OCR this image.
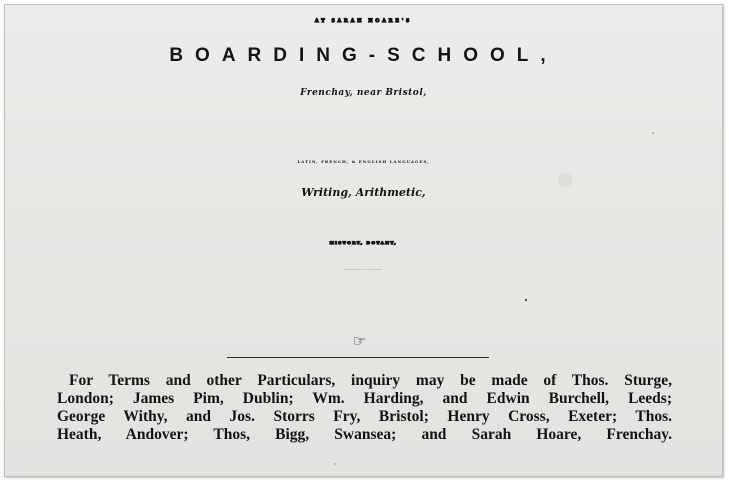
AT SARAH HOARE'S
BOARDING-SCHOOL,
Frenchay, near Bristol,
LATIN, FRENCH, & ENGLISH LANGUAGES,
Writing, Arithmetic,
HISTORY, BOTANY,
With other Branches of Natural History,
☞
For Terms and other Particulars, inquiry may be made of Thos. Sturge,
London; James Pim, Dublin; Wm. Harding, and Edwin Burchell, Leeds;
George Withy, and Jos. Storrs Fry, Bristol; Henry Cross, Exeter; Thos.
Heath, Andover; Thos, Bigg, Swansea; and Sarah Hoare, Frenchay.
